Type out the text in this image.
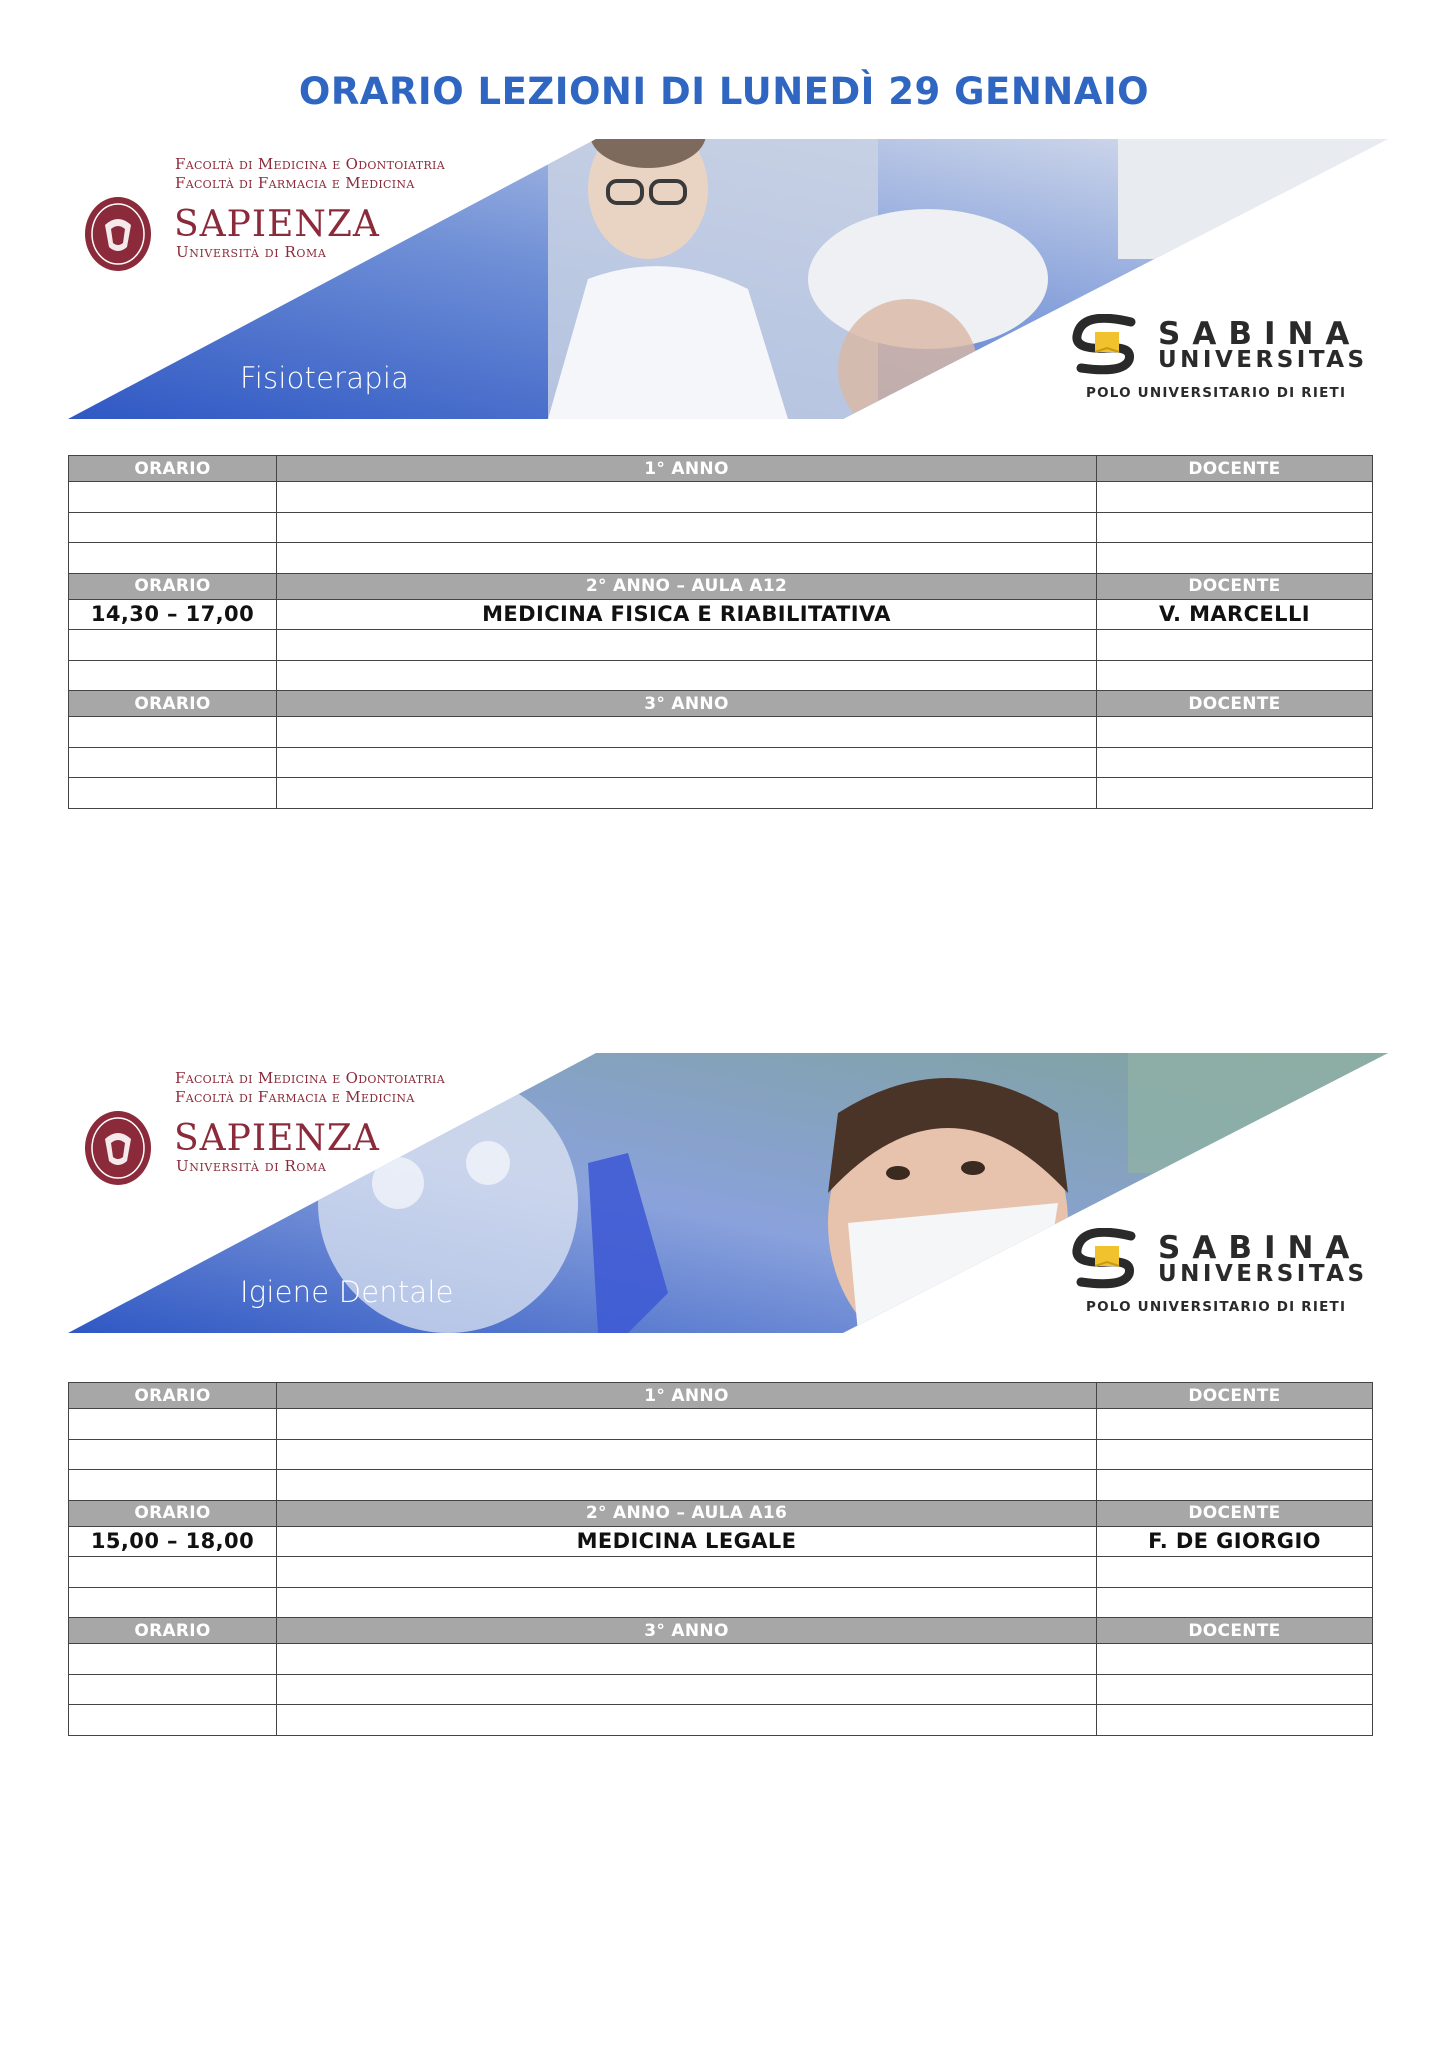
ORARIO LEZIONI DI LUNEDÌ 29 GENNAIO
Facoltà di Medicina e Odontoiatria
Facoltà di Farmacia e Medicina
SAPIENZA
Università di Roma
Fisioterapia
SABINA
UNIVERSITAS
POLO UNIVERSITARIO DI RIETI
ORARIO	1° ANNO	DOCENTE

ORARIO	2° ANNO – AULA A12	DOCENTE
14,30 – 17,00	MEDICINA FISICA E RIABILITATIVA	V. MARCELLI

ORARIO	3° ANNO	DOCENTE

Facoltà di Medicina e Odontoiatria
Facoltà di Farmacia e Medicina
SAPIENZA
Università di Roma
Igiene Dentale
SABINA
UNIVERSITAS
POLO UNIVERSITARIO DI RIETI
ORARIO	1° ANNO	DOCENTE

ORARIO	2° ANNO – AULA A16	DOCENTE
15,00 – 18,00	MEDICINA LEGALE	F. DE GIORGIO

ORARIO	3° ANNO	DOCENTE
